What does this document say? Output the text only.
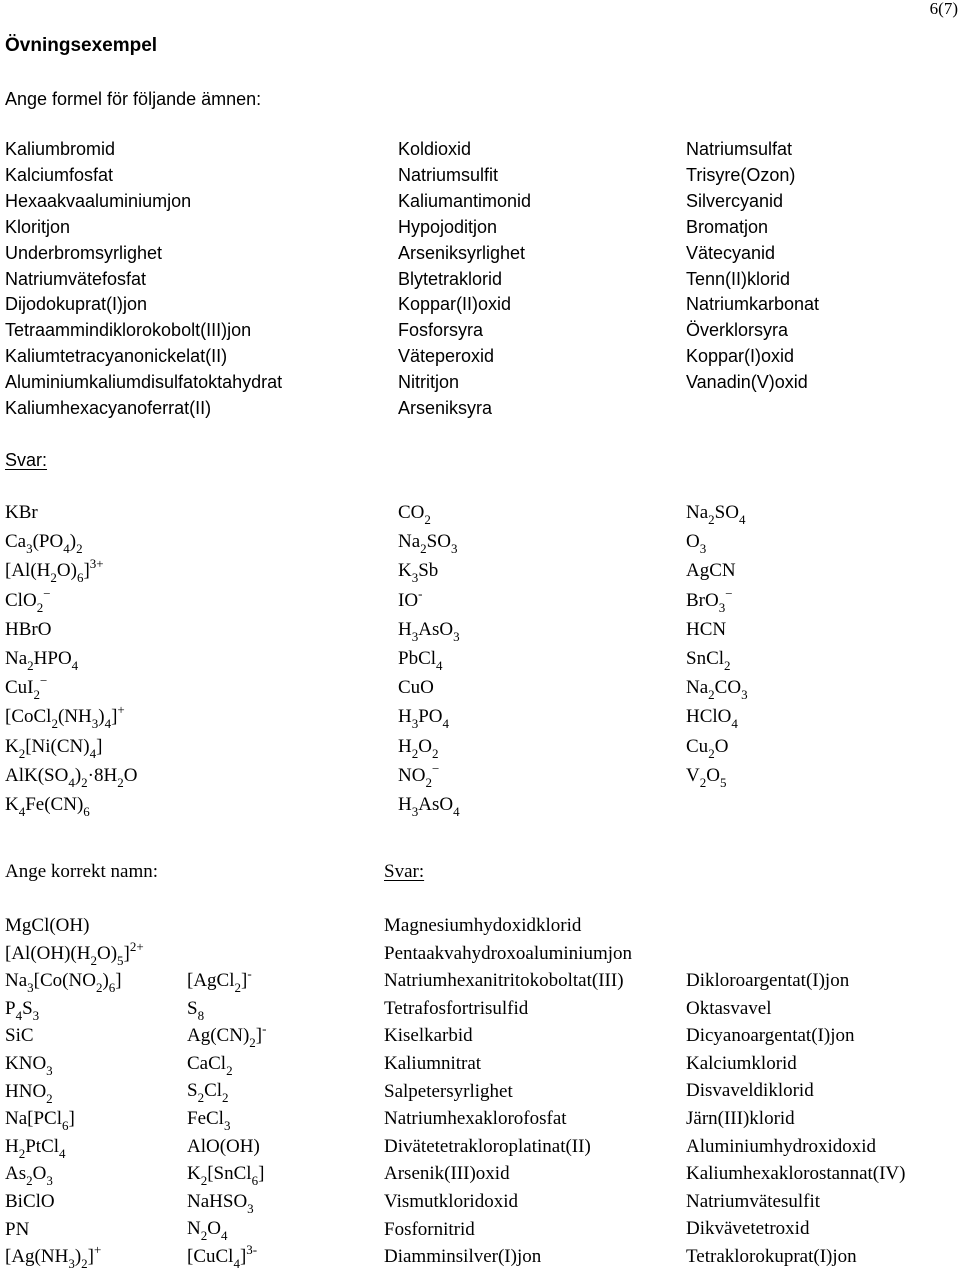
6(7)
Övningsexempel
Ange formel för följande ämnen:
Svar:
Ange korrekt namn:	Svar:
Kaliumbromid
Kalciumfosfat
Hexaakvaaluminiumjon
Kloritjon
Underbromsyrlighet
Natriumvätefosfat
Dijodokuprat(I)jon
Tetraammindiklorokobolt(III)jon
Kaliumtetracyanonickelat(II)
Aluminiumkaliumdisulfatoktahydrat
Kaliumhexacyanoferrat(II)
Koldioxid
Natriumsulfit
Kaliumantimonid
Hypojoditjon
Arseniksyrlighet
Blytetraklorid
Koppar(II)oxid
Fosforsyra
Väteperoxid
Nitritjon
Arseniksyra
Natriumsulfat
Trisyre(Ozon)
Silvercyanid
Bromatjon
Vätecyanid
Tenn(II)klorid
Natriumkarbonat
Överklorsyra
Koppar(I)oxid
Vanadin(V)oxid
KBr
$Ca_3(PO_4)_2$
$[Al(H_2O)_6]^{3+}$
ClO$_2$−
HBrO
$Na_2HPO_4$
CuI$_2$−
$[CoCl_2(NH_3)_4]^+$
$K_2[Ni(CN)_4]$
$AlK(SO_4)_2\cdot 8H_2O$
$K_4Fe(CN)_6$
$CO_2$
$Na_2SO_3$
$K_3Sb$
IO-
$H_3AsO_3$
PbCl$_4$
CuO
$H_3PO_4$
$H_2O_2$
$NO_2^-$
$H_3AsO_4$
$Na_2SO_4$
$O_3$
AgCN
BrO$_3$−
HCN
SnCl$_2$
$Na_2CO_3$
HClO$_4$
$Cu_2O$
$V_2O_5$
MgCl(OH)
$[Al(OH)(H_2O)_5]^{2+}$
$Na_3[Co(NO_2)_6]$
$P_4S_3$
SiC
$KNO_3$
$HNO_2$
Na[PCl$_6$]
$H_2PtCl_4$
$As_2O_3$
BiClO
PN
$[Ag(NH_3)_2]^+$
[AgCl$_2$]-
$S_8$
$Ag(CN)_2]^-$
CaCl$_2$
$S_2Cl_2$
FeCl$_3$
AlO(OH)
$K_2[SnCl_6]$
NaHSO$_3$
$N_2O_4$
[CuCl$_4$]$^{3-}$
Magnesiumhydoxidklorid
Pentaakvahydroxoaluminiumjon
Natriumhexanitritokoboltat(III)
Tetrafosfortrisulfid
Kiselkarbid
Kaliumnitrat
Salpetersyrlighet
Natriumhexaklorofosfat
Divätetetrakloroplatinat(II)
Arsenik(III)oxid
Vismutkloridoxid
Fosfornitrid
Diamminsilver(I)jon
Dikloroargentat(I)jon
Oktasvavel
Dicyanoargentat(I)jon
Kalciumklorid
Disvaveldiklorid
Järn(III)klorid
Aluminiumhydroxidoxid
Kaliumhexaklorostannat(IV)
Natriumvätesulfit
Dikvävetetroxid
Tetraklorokuprat(I)jon
